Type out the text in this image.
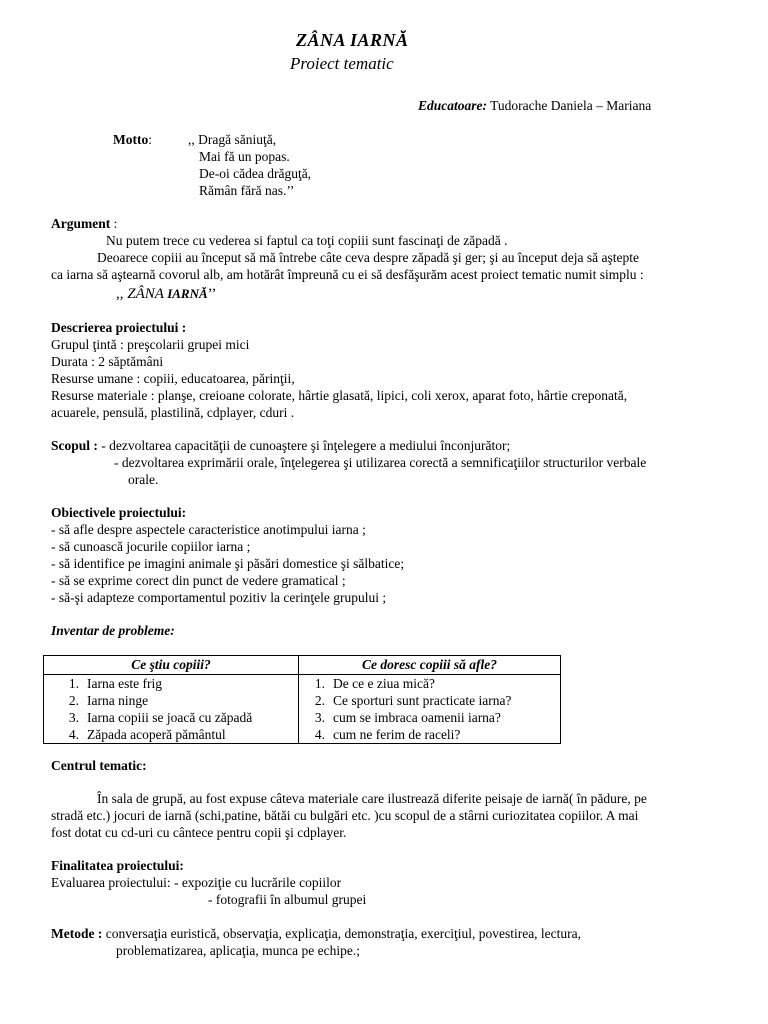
ZÂNA IARNĂ
Proiect tematic
Educatoare: Tudorache Daniela – Mariana
Motto:	,, Dragă săniuţă,
Mai fă un popas.
De-oi cădea drăguţă,
Rămân fără nas.’’
Argument :
Nu putem trece cu vederea si faptul ca toţi copiii sunt fascinaţi de zăpadă .
Deoarece copiii au început să mă întrebe câte ceva despre zăpadă şi ger; şi au început deja să aştepte
ca iarna să aştearnă covorul alb, am hotărât împreună cu ei să desfăşurăm acest proiect tematic numit simplu :
,, ZÂNA IARNĂ’’
Descrierea proiectului :
Grupul ţintă : preşcolarii grupei mici
Durata : 2 săptămâni
Resurse umane : copiii, educatoarea, părinţii,
Resurse materiale : planşe, creioane colorate, hârtie glasată, lipici, coli xerox, aparat foto, hârtie creponată,
acuarele, pensulă, plastilină, cdplayer, cduri .
Scopul : - dezvoltarea capacităţii de cunoaştere şi înţelegere a mediului înconjurător;
- dezvoltarea exprimării orale, înţelegerea şi utilizarea corectă a semnificaţiilor structurilor verbale
orale.
Obiectivele proiectului:
- să afle despre aspectele caracteristice anotimpului iarna ;
- să cunoască jocurile copiilor iarna ;
- să identifice pe imagini animale şi păsări domestice şi sălbatice;
- să se exprime corect din punct de vedere gramatical ;
- să-şi adapteze comportamentul pozitiv la cerinţele grupului ;
Inventar de probleme:
Ce ştiu copiii?	Ce doresc copiii să afle?

1. Iarna este frig	1. De ce e ziua mică?

2. Iarna ninge	2. Ce sporturi sunt practicate iarna?

3. Iarna copiii se joacă cu zăpadă	3. cum se imbraca oamenii iarna?

4. Zăpada acoperă pământul	4. cum ne ferim de raceli?
Centrul tematic:
În sala de grupă, au fost expuse câteva materiale care ilustrează diferite peisaje de iarnă( în pădure, pe
stradă etc.) jocuri de iarnă (schi,patine, bătăi cu bulgări etc. )cu scopul de a stârni curiozitatea copiilor. A mai
fost dotat cu cd-uri cu cântece pentru copii şi cdplayer.
Finalitatea proiectului:
Evaluarea proiectului: - expoziţie cu lucrările copiilor
- fotografii în albumul grupei
Metode : conversaţia euristică, observaţia, explicaţia, demonstraţia, exerciţiul, povestirea, lectura,
problematizarea, aplicaţia, munca pe echipe.;
